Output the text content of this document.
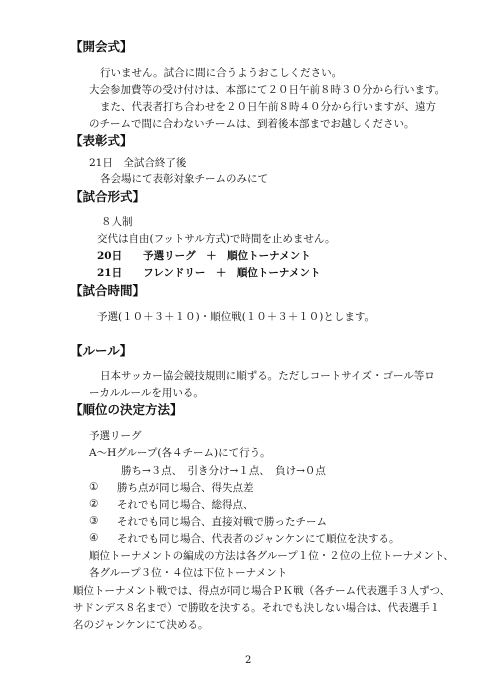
【開会式】
行いません。試合に間に合うようおこしください。
大会参加費等の受け付けは、本部にて２０日午前８時３０分から行います。
また、代表者打ち合わせを２０日午前８時４０分から行いますが、遠方
のチームで間に合わないチームは、到着後本部までお越しください。
【表彰式】
21日　全試合終了後
各会場にて表彰対象チームのみにて
【試合形式】
８人制
交代は自由(フットサル方式)で時間を止めません。
20日　　予選リーグ　＋　順位トーナメント
21日　　フレンドリー　＋　順位トーナメント
【試合時間】
予選(１０＋３＋１０)・順位戦(１０＋３＋１０)とします。
【ルール】
日本サッカー協会競技規則に順ずる。ただしコートサイズ・ゴール等ロ
ーカルルールを用いる。
【順位の決定方法】
予選リーグ
A～Hグループ(各４チーム)にて行う。
勝ち→３点、　引き分け→１点、　負け→０点
① 勝ち点が同じ場合、得失点差
② それでも同じ場合、総得点、
③ それでも同じ場合、直接対戦で勝ったチーム
④ それでも同じ場合、代表者のジャンケンにて順位を決する。
順位トーナメントの編成の方法は各グループ１位・２位の上位トーナメント、
各グループ３位・４位は下位トーナメント
順位トーナメント戦では、得点が同じ場合ＰＫ戦（各チーム代表選手３人ずつ、
サドンデス８名まで）で勝敗を決する。それでも決しない場合は、代表選手１
名のジャンケンにて決める。
2
